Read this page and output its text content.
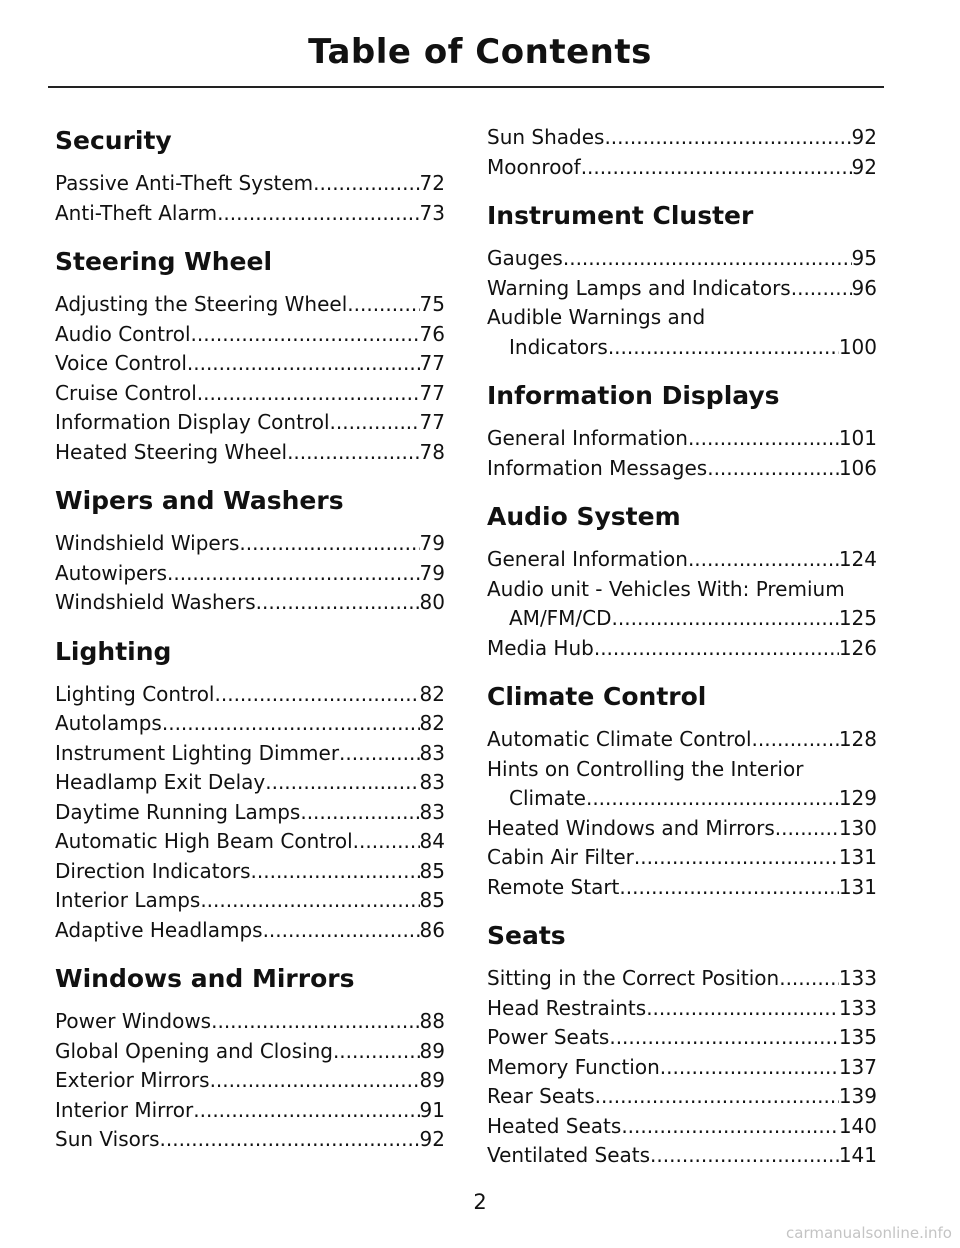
Table of Contents
Security
Passive Anti-Theft System .....	72
Anti-Theft Alarm .....	73
Steering Wheel
Adjusting the Steering Wheel .....	75
Audio Control .....	76
Voice Control .....	77
Cruise Control .....	77
Information Display Control .....	77
Heated Steering Wheel .....	78
Wipers and Washers
Windshield Wipers .....	79
Autowipers .....	79
Windshield Washers .....	80
Lighting
Lighting Control .....	82
Autolamps .....	82
Instrument Lighting Dimmer .....	83
Headlamp Exit Delay .....	83
Daytime Running Lamps .....	83
Automatic High Beam Control .....	84
Direction Indicators .....	85
Interior Lamps .....	85
Adaptive Headlamps .....	86
Windows and Mirrors
Power Windows .....	88
Global Opening and Closing .....	89
Exterior Mirrors .....	89
Interior Mirror .....	91
Sun Visors .....	92
Sun Shades .....	92
Moonroof .....	92
Instrument Cluster
Gauges .....	95
Warning Lamps and Indicators .....	96
Audible Warnings and
Indicators .....	100
Information Displays
General Information .....	101
Information Messages .....	106
Audio System
General Information .....	124
Audio unit - Vehicles With: Premium
AM/FM/CD .....	125
Media Hub .....	126
Climate Control
Automatic Climate Control .....	128
Hints on Controlling the Interior
Climate .....	129
Heated Windows and Mirrors .....	130
Cabin Air Filter .....	131
Remote Start .....	131
Seats
Sitting in the Correct Position .....	133
Head Restraints .....	133
Power Seats .....	135
Memory Function .....	137
Rear Seats .....	139
Heated Seats .....	140
Ventilated Seats .....	141
2
carmanualsonline.info
